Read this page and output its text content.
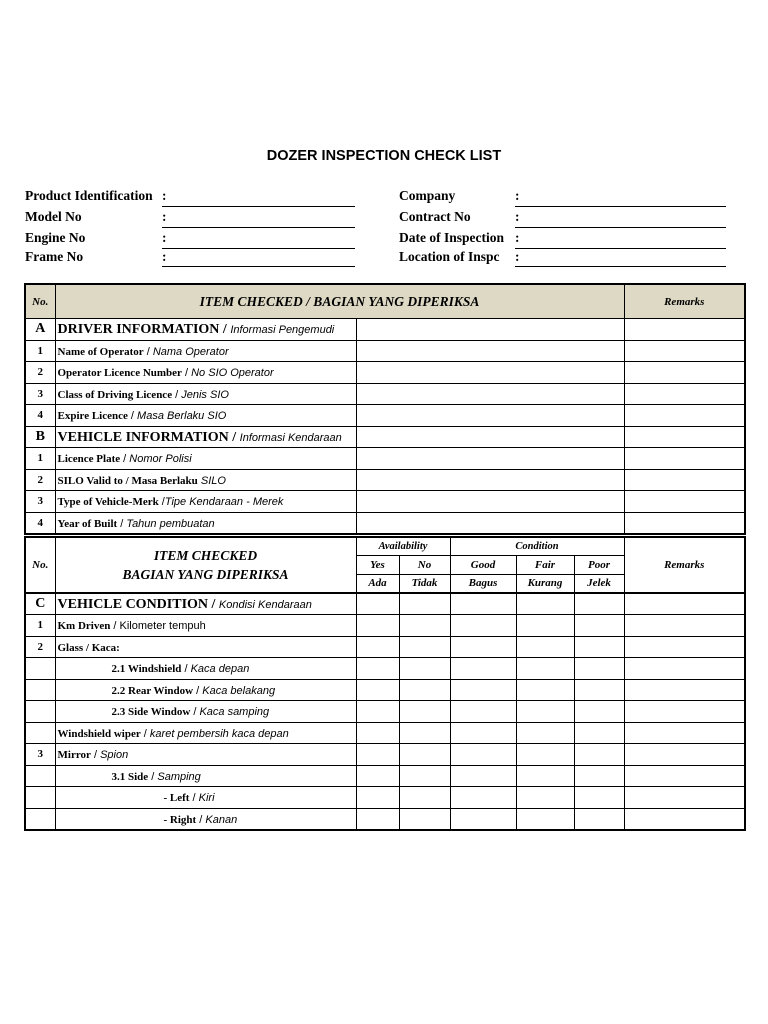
DOZER INSPECTION CHECK LIST
Product Identification :
Model No	:
Engine No	:
Frame No	:
Company	:
Contract No	:
Date of Inspection :
Location of Inspc :
No.	ITEM CHECKED / BAGIAN YANG DIPERIKSA		Remarks
A	DRIVER INFORMATION / Informasi Pengemudi		
1	Name of Operator / Nama Operator		
2	Operator Licence Number / No SIO Operator		
3	Class of Driving Licence / Jenis SIO		
4	Expire Licence / Masa Berlaku SIO		
B	VEHICLE INFORMATION / Informasi Kendaraan		
1	Licence Plate / Nomor Polisi		
2	SILO Valid to / Masa Berlaku SILO		
3	Type of Vehicle-Merk /Tipe Kendaraan - Merek		
4	Year of Built / Tahun pembuatan		
No.	ITEM CHECKED
BAGIAN YANG DIPERIKSA	Availability		Condition			Remarks
		Yes	No	Good	Fair	Poor	
		Ada	Tidak	Bagus	Kurang	Jelek	
C	VEHICLE CONDITION / Kondisi Kendaraan						
1	Km Driven / Kilometer tempuh						
2	Glass / Kaca:						
	2.1 Windshield / Kaca depan						
	2.2 Rear Window / Kaca belakang						
	2.3 Side Window / Kaca samping						
	Windshield wiper / karet pembersih kaca depan						
3	Mirror / Spion						
	3.1 Side / Samping						
	- Left / Kiri						
	- Right / Kanan						
